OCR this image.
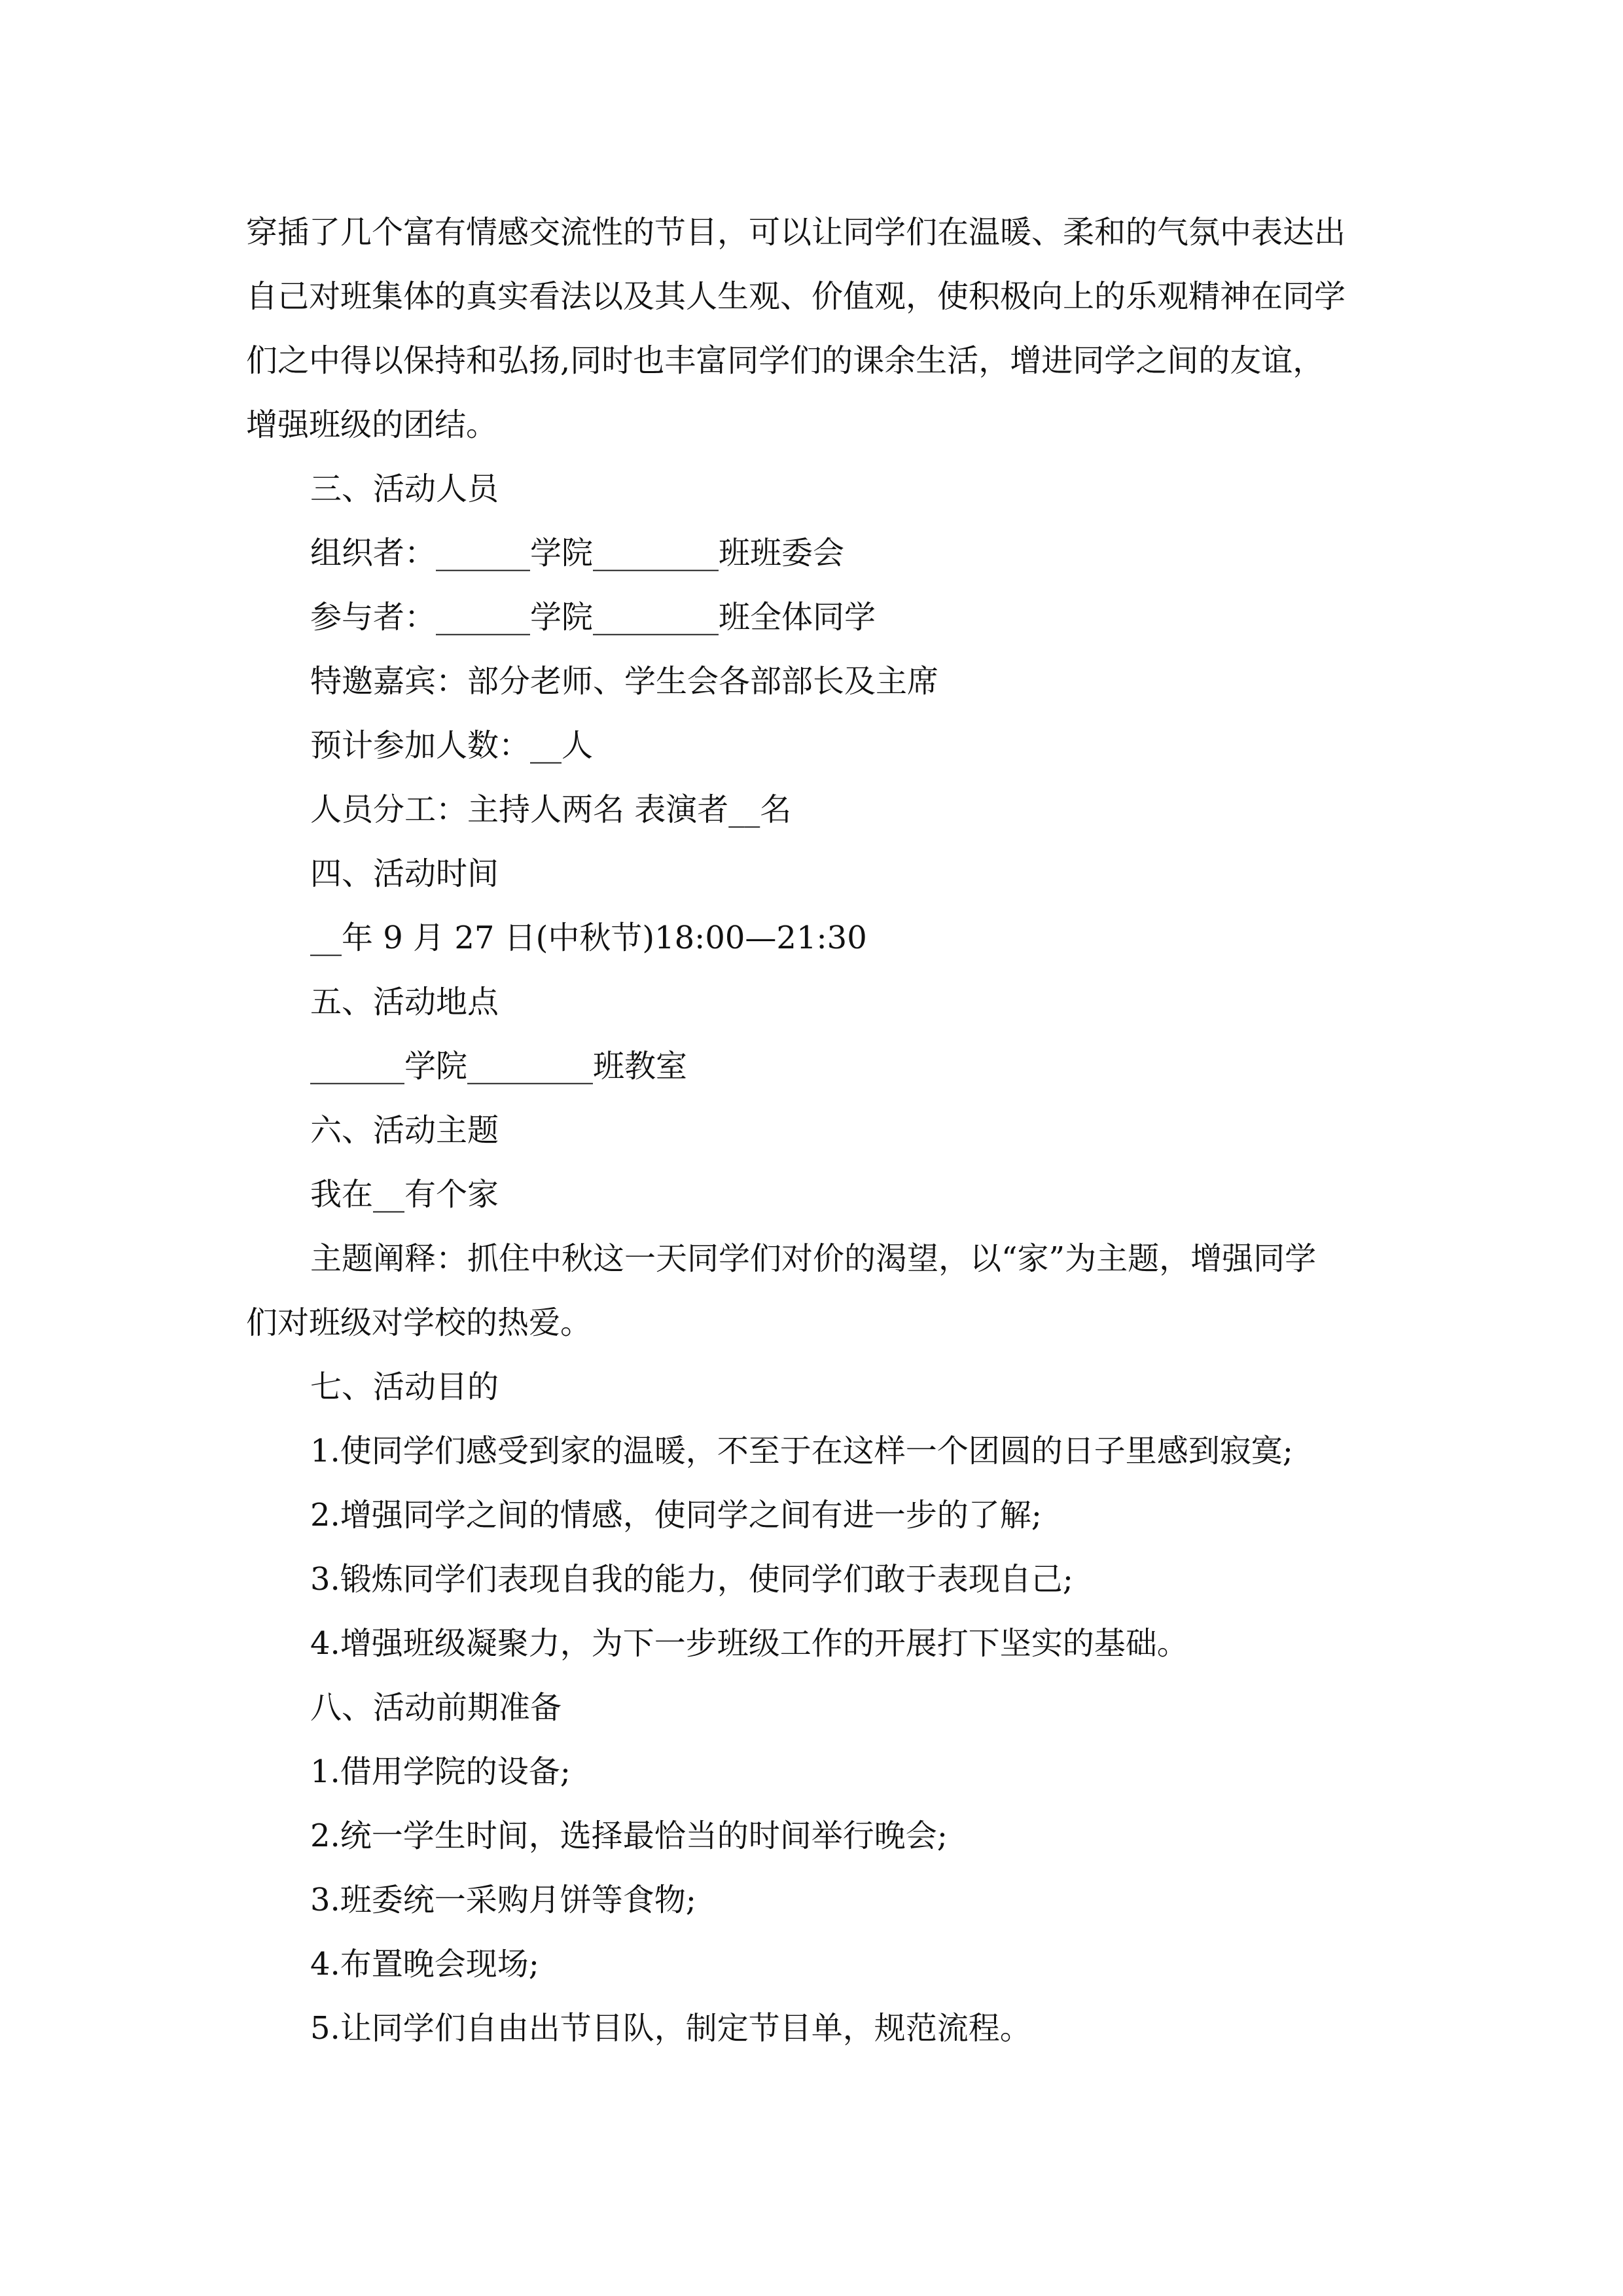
穿插了几个富有情感交流性的节目，可以让同学们在温暖、柔和的气氛中表达出

自己对班集体的真实看法以及其人生观、价值观，使积极向上的乐观精神在同学

们之中得以保持和弘扬,同时也丰富同学们的课余生活，增进同学之间的友谊，

增强班级的团结。

三、活动人员

组织者：______学院________班班委会

参与者：______学院________班全体同学

特邀嘉宾：部分老师、学生会各部部长及主席

预计参加人数：__人

人员分工：主持人两名 表演者__名

四、活动时间

__年 9 月 27 日(中秋节)18:00—21:30

五、活动地点

______学院________班教室

六、活动主题

我在__有个家

主题阐释：抓住中秋这一天同学们对价的渴望，以“家”为主题，增强同学

们对班级对学校的热爱。

七、活动目的

1.使同学们感受到家的温暖，不至于在这样一个团圆的日子里感到寂寞;

2.增强同学之间的情感，使同学之间有进一步的了解;

3.锻炼同学们表现自我的能力，使同学们敢于表现自己;

4.增强班级凝聚力，为下一步班级工作的开展打下坚实的基础。

八、活动前期准备

1.借用学院的设备;

2.统一学生时间，选择最恰当的时间举行晚会;

3.班委统一采购月饼等食物;

4.布置晚会现场;

5.让同学们自由出节目队，制定节目单，规范流程。
